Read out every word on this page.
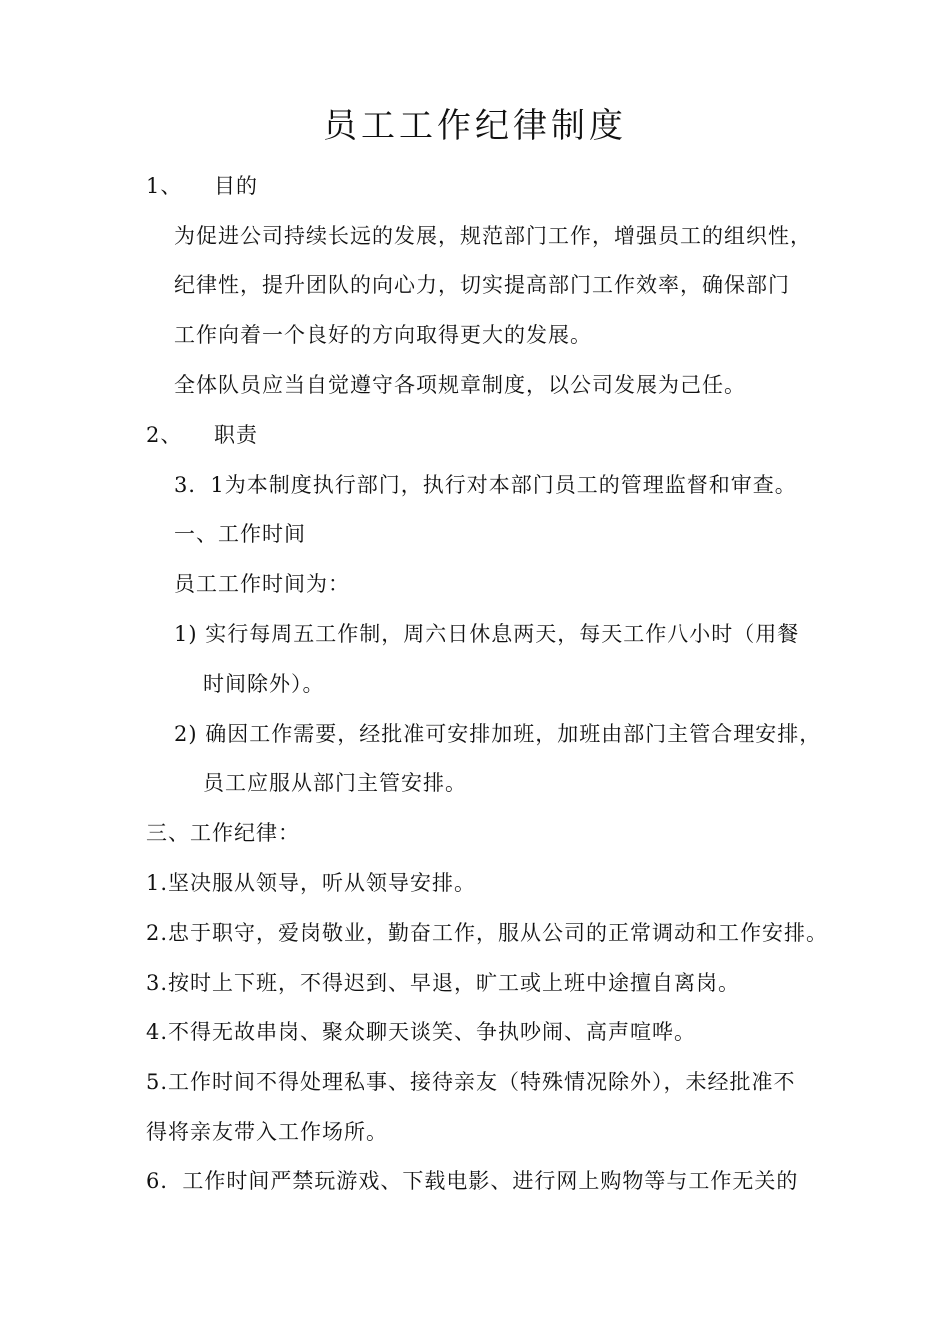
员工工作纪律制度
1、 目的
为促进公司持续长远的发展，规范部门工作，增强员工的组织性，
纪律性，提升团队的向心力，切实提高部门工作效率，确保部门
工作向着一个良好的方向取得更大的发展。
全体队员应当自觉遵守各项规章制度，以公司发展为己任。
2、 职责
3．1为本制度执行部门，执行对本部门员工的管理监督和审查。
一、工作时间
员工工作时间为：
1) 实行每周五工作制，周六日休息两天，每天工作八小时（用餐
时间除外）。
2) 确因工作需要，经批准可安排加班，加班由部门主管合理安排，
员工应服从部门主管安排。
三、工作纪律：
1.坚决服从领导，听从领导安排。
2.忠于职守，爱岗敬业，勤奋工作，服从公司的正常调动和工作安排。
3.按时上下班，不得迟到、早退，旷工或上班中途擅自离岗。
4.不得无故串岗、聚众聊天谈笑、争执吵闹、高声喧哗。
5.工作时间不得处理私事、接待亲友（特殊情况除外），未经批准不
得将亲友带入工作场所。
6．工作时间严禁玩游戏、下载电影、进行网上购物等与工作无关的
